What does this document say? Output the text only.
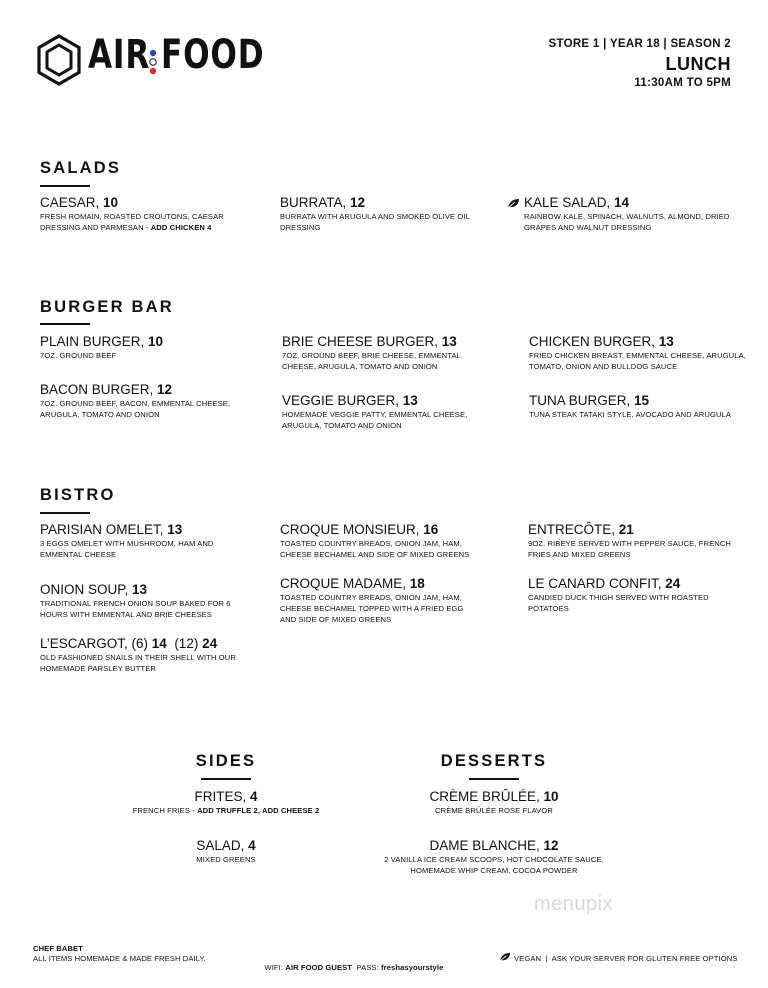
AIR FOOD	STORE 1 | YEAR 18 | SEASON 2
LUNCH
11:30AM TO 5PM
SALADS
CAESAR, 10
FRESH ROMAIN, ROASTED CROUTONS, CAESAR DRESSING AND PARMESAN - ADD CHICKEN 4
BURRATA, 12
BURRATA WITH ARUGULA AND SMOKED OLIVE OIL DRESSING
KALE SALAD, 14
RAINBOW KALE, SPINACH, WALNUTS, ALMOND, DRIED GRAPES AND WALNUT DRESSING
BURGER BAR
PLAIN BURGER, 10
7OZ. GROUND BEEF
BACON BURGER, 12
7OZ. GROUND BEEF, BACON, EMMENTAL CHEESE, ARUGULA, TOMATO AND ONION
BRIE CHEESE BURGER, 13
7OZ. GROUND BEEF, BRIE CHEESE, EMMENTAL CHEESE, ARUGULA, TOMATO AND ONION
VEGGIE BURGER, 13
HOMEMADE VEGGIE PATTY, EMMENTAL CHEESE, ARUGULA, TOMATO AND ONION
CHICKEN BURGER, 13
FRIED CHICKEN BREAST, EMMENTAL CHEESE, ARUGULA, TOMATO, ONION AND BULLDOG SAUCE
TUNA BURGER, 15
TUNA STEAK TATAKI STYLE, AVOCADO AND ARUGULA
BISTRO
PARISIAN OMELET, 13
3 EGGS OMELET WITH MUSHROOM, HAM AND EMMENTAL CHEESE
ONION SOUP, 13
TRADITIONAL FRENCH ONION SOUP BAKED FOR 6 HOURS WITH EMMENTAL AND BRIE CHEESES
L’ESCARGOT, (6) 14  (12) 24
OLD FASHIONED SNAILS IN THEIR SHELL WITH OUR HOMEMADE PARSLEY BUTTER
CROQUE MONSIEUR, 16
TOASTED COUNTRY BREADS, ONION JAM, HAM, CHEESE BECHAMEL AND SIDE OF MIXED GREENS
CROQUE MADAME, 18
TOASTED COUNTRY BREADS, ONION JAM, HAM, CHEESE BECHAMEL TOPPED WITH A FRIED EGG AND SIDE OF MIXED GREENS
ENTRECÔTE, 21
9OZ. RIBEYE SERVED WITH PEPPER SAUCE, FRENCH FRIES AND MIXED GREENS
LE CANARD CONFIT, 24
CANDIED DUCK THIGH SERVED WITH ROASTED POTATOES
SIDES
FRITES, 4
FRENCH FRIES - ADD TRUFFLE 2, ADD CHEESE 2
SALAD, 4
MIXED GREENS
DESSERTS
CRÈME BRÛLÉE, 10
CRÈME BRÛLÉE ROSE FLAVOR
DAME BLANCHE, 12
2 VANILLA ICE CREAM SCOOPS, HOT CHOCOLATE SAUCE, HOMEMADE WHIP CREAM, COCOA POWDER
menupix
CHEF BABET
ALL ITEMS HOMEMADE & MADE FRESH DAILY.

WIFI: AIR FOOD GUEST  PASS: freshasyourstyle

VEGAN  |  ASK YOUR SERVER FOR GLUTEN FREE OPTIONS
